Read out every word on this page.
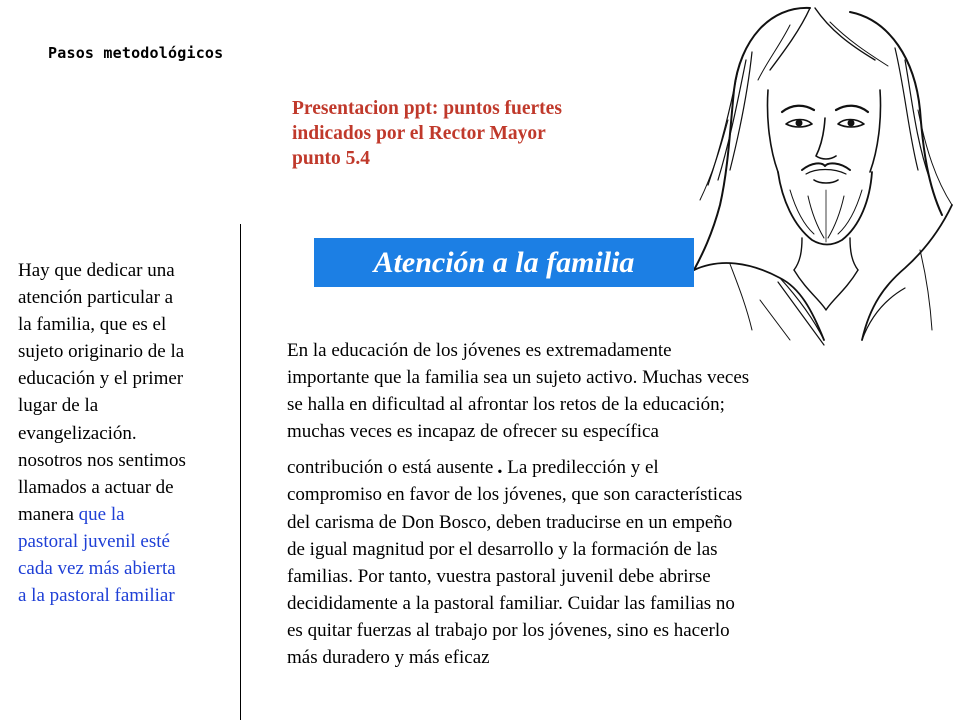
Pasos metodológicos
Presentacion ppt: puntos fuertes
indicados por el Rector Mayor
punto 5.4
Atención a la familia
Hay que dedicar una
atención particular a
la familia, que es el
sujeto originario de la
educación y el primer
lugar de la
evangelización.
nosotros nos sentimos
llamados a actuar de
manera que la
pastoral juvenil esté
cada vez más abierta
a la pastoral familiar
En la educación de los jóvenes es extremadamente
importante que la familia sea un sujeto activo. Muchas veces
se halla en dificultad al afrontar los retos de la educación;
muchas veces es incapaz de ofrecer su específica
contribución o está ausente . La predilección y el
compromiso en favor de los jóvenes, que son características
del carisma de Don Bosco, deben traducirse en un empeño
de igual magnitud por el desarrollo y la formación de las
familias. Por tanto, vuestra pastoral juvenil debe abrirse
decididamente a la pastoral familiar. Cuidar las familias no
es quitar fuerzas al trabajo por los jóvenes, sino es hacerlo
más duradero y más eficaz
